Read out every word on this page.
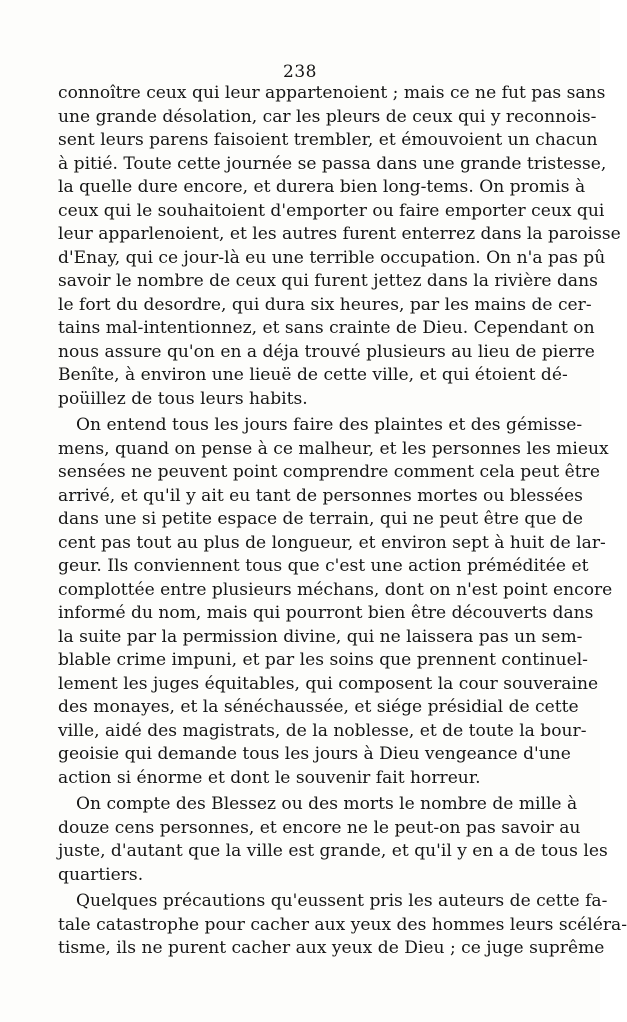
238
connoître ceux qui leur appartenoient ; mais ce ne fut pas sans
une grande désolation, car les pleurs de ceux qui y reconnois-
sent leurs parens faisoient trembler, et émouvoient un chacun
à pitié. Toute cette journée se passa dans une grande tristesse,
la quelle dure encore, et durera bien long-tems. On promis à
ceux qui le souhaitoient d'emporter ou faire emporter ceux qui
leur apparlenoient, et les autres furent enterrez dans la paroisse
d'Enay, qui ce jour-là eu une terrible occupation. On n'a pas pû
savoir le nombre de ceux qui furent jettez dans la rivière dans
le fort du desordre, qui dura six heures, par les mains de cer-
tains mal-intentionnez, et sans crainte de Dieu. Cependant on
nous assure qu'on en a déja trouvé plusieurs au lieu de pierre
Benîte, à environ une lieuë de cette ville, et qui étoient dé-
poüillez de tous leurs habits.
On entend tous les jours faire des plaintes et des gémisse-
mens, quand on pense à ce malheur, et les personnes les mieux
sensées ne peuvent point comprendre comment cela peut être
arrivé, et qu'il y ait eu tant de personnes mortes ou blessées
dans une si petite espace de terrain, qui ne peut être que de
cent pas tout au plus de longueur, et environ sept à huit de lar-
geur. Ils conviennent tous que c'est une action préméditée et
complottée entre plusieurs méchans, dont on n'est point encore
informé du nom, mais qui pourront bien être découverts dans
la suite par la permission divine, qui ne laissera pas un sem-
blable crime impuni, et par les soins que prennent continuel-
lement les juges équitables, qui composent la cour souveraine
des monayes, et la sénéchaussée, et siége présidial de cette
ville, aidé des magistrats, de la noblesse, et de toute la bour-
geoisie qui demande tous les jours à Dieu vengeance d'une
action si énorme et dont le souvenir fait horreur.
On compte des Blessez ou des morts le nombre de mille à
douze cens personnes, et encore ne le peut-on pas savoir au
juste, d'autant que la ville est grande, et qu'il y en a de tous les
quartiers.
Quelques précautions qu'eussent pris les auteurs de cette fa-
tale catastrophe pour cacher aux yeux des hommes leurs scéléra-
tisme, ils ne purent cacher aux yeux de Dieu ; ce juge suprême
